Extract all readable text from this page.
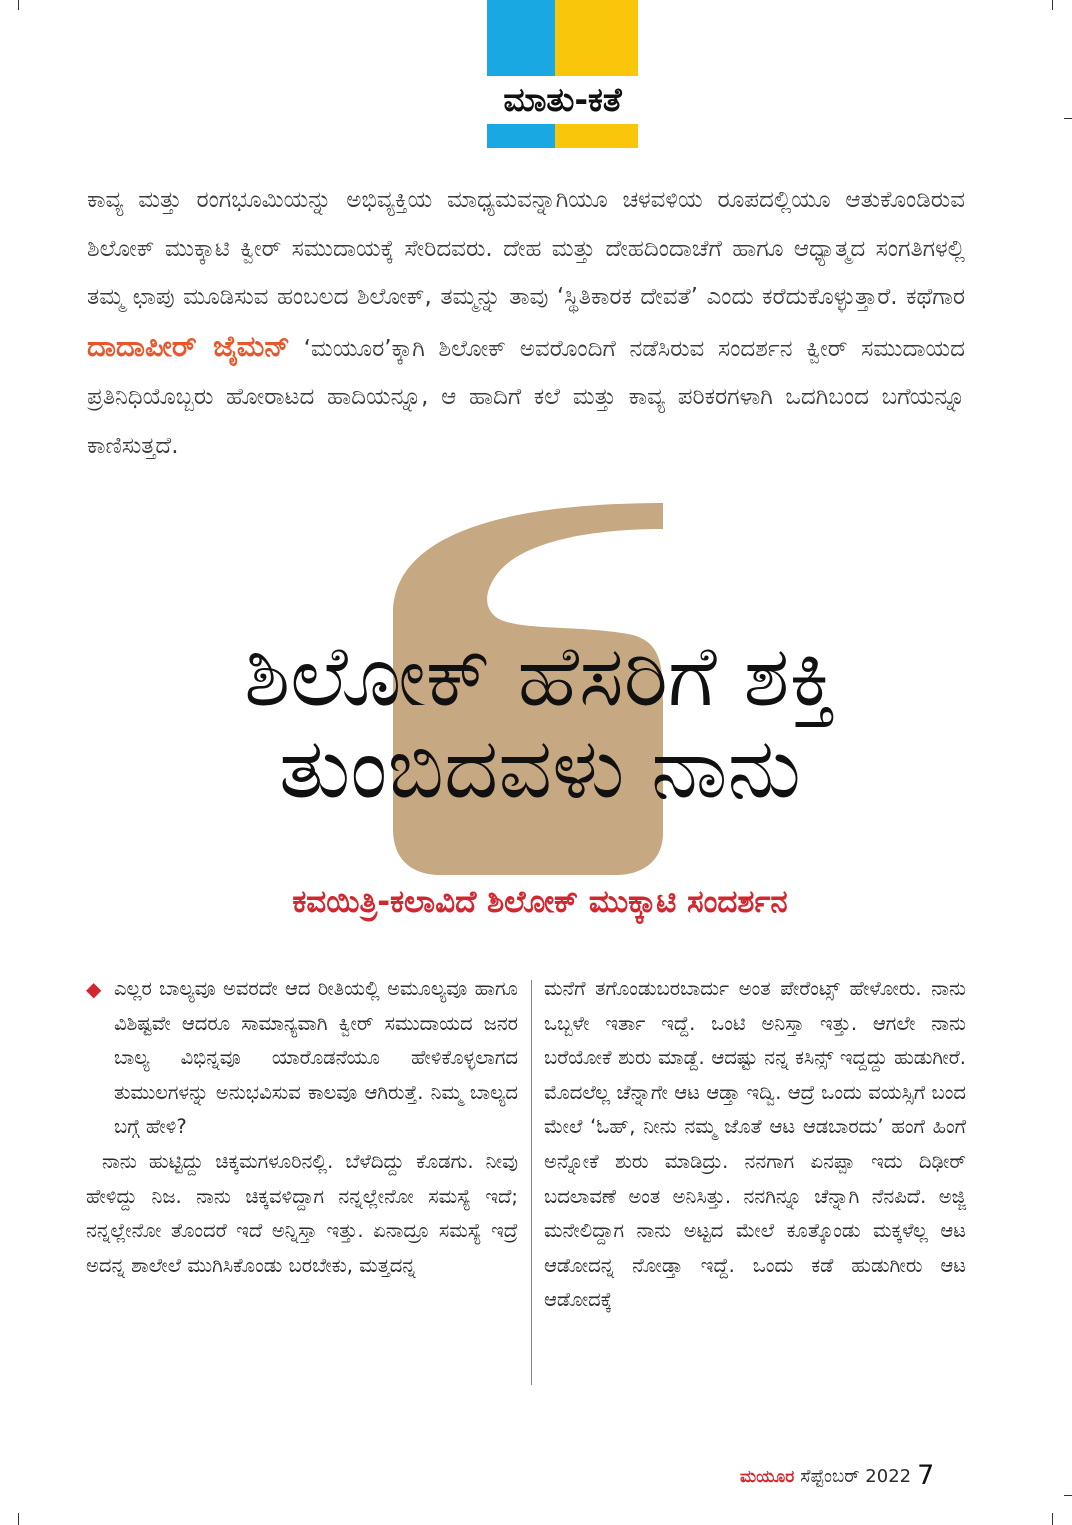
ಮಾತು-ಕತೆ

ಕಾವ್ಯ ಮತ್ತು ರಂಗಭೂಮಿಯನ್ನು ಅಭಿವ್ಯಕ್ತಿಯ ಮಾಧ್ಯಮವನ್ನಾಗಿಯೂ ಚಳವಳಿಯ ರೂಪದಲ್ಲಿಯೂ ಆತುಕೊಂಡಿರುವ ಶಿಲೋಕ್ ಮುಕ್ಕಾಟಿ ಕ್ವೀರ್ ಸಮುದಾಯಕ್ಕೆ ಸೇರಿದವರು. ದೇಹ ಮತ್ತು ದೇಹದಿಂದಾಚೆಗೆ ಹಾಗೂ ಆಧ್ಯಾತ್ಮದ ಸಂಗತಿಗಳಲ್ಲಿ ತಮ್ಮ ಛಾಪು ಮೂಡಿಸುವ ಹಂಬಲದ ಶಿಲೋಕ್, ತಮ್ಮನ್ನು ತಾವು ‘ಸ್ಥಿತಿಕಾರಕ ದೇವತೆ’ ಎಂದು ಕರೆದುಕೊಳ್ಳುತ್ತಾರೆ. ಕಥೆಗಾರ ದಾದಾಪೀರ್ ಜೈಮನ್ ‘ಮಯೂರ’ಕ್ಕಾಗಿ ಶಿಲೋಕ್ ಅವರೊಂದಿಗೆ ನಡೆಸಿರುವ ಸಂದರ್ಶನ ಕ್ವೀರ್ ಸಮುದಾಯದ ಪ್ರತಿನಿಧಿಯೊಬ್ಬರು ಹೋರಾಟದ ಹಾದಿಯನ್ನೂ, ಆ ಹಾದಿಗೆ ಕಲೆ ಮತ್ತು ಕಾವ್ಯ ಪರಿಕರಗಳಾಗಿ ಒದಗಿಬಂದ ಬಗೆಯನ್ನೂ ಕಾಣಿಸುತ್ತದೆ.

ಶಿಲೋಕ್ ಹೆಸರಿಗೆ ಶಕ್ತಿ
ತುಂಬಿದವಳು ನಾನು
ಕವಯಿತ್ರಿ-ಕಲಾವಿದೆ ಶಿಲೋಕ್ ಮುಕ್ಕಾಟಿ ಸಂದರ್ಶನ

◆ ಎಲ್ಲರ ಬಾಲ್ಯವೂ ಅವರದೇ ಆದ ರೀತಿಯಲ್ಲಿ ಅಮೂಲ್ಯವೂ ಹಾಗೂ ವಿಶಿಷ್ಟವೇ ಆದರೂ ಸಾಮಾನ್ಯವಾಗಿ ಕ್ವೀರ್ ಸಮುದಾಯದ ಜನರ ಬಾಲ್ಯ ವಿಭಿನ್ನವೂ ಯಾರೊಡನೆಯೂ ಹೇಳಿಕೊಳ್ಳಲಾಗದ ತುಮುಲಗಳನ್ನು ಅನುಭವಿಸುವ ಕಾಲವೂ ಆಗಿರುತ್ತೆ. ನಿಮ್ಮ ಬಾಲ್ಯದ ಬಗ್ಗೆ ಹೇಳಿ?

ನಾನು ಹುಟ್ಟಿದ್ದು ಚಿಕ್ಕಮಗಳೂರಿನಲ್ಲಿ. ಬೆಳೆದಿದ್ದು ಕೊಡಗು. ನೀವು ಹೇಳಿದ್ದು ನಿಜ. ನಾನು ಚಿಕ್ಕವಳಿದ್ದಾಗ ನನ್ನಲ್ಲೇನೋ ಸಮಸ್ಯೆ ಇದೆ; ನನ್ನಲ್ಲೇನೋ ತೊಂದರೆ ಇದೆ ಅನ್ನಿಸ್ತಾ ಇತ್ತು. ಏನಾದ್ರೂ ಸಮಸ್ಯೆ ಇದ್ರೆ ಅದನ್ನ ಶಾಲೇಲೆ ಮುಗಿಸಿಕೊಂಡು ಬರಬೇಕು, ಮತ್ತದನ್ನ

ಮನೆಗೆ ತಗೊಂಡುಬರಬಾರ್ದು ಅಂತ ಪೇರೆಂಟ್ಸ್ ಹೇಳೋರು. ನಾನು ಒಬ್ಬಳೇ ಇರ್ತಾ ಇದ್ದೆ. ಒಂಟಿ ಅನಿಸ್ತಾ ಇತ್ತು. ಆಗಲೇ ನಾನು ಬರೆಯೋಕೆ ಶುರು ಮಾಡ್ದೆ. ಆದಷ್ಟು ನನ್ನ ಕಸಿನ್ಸ್ ಇದ್ದದ್ದು ಹುಡುಗೀರೆ. ಮೊದಲೆಲ್ಲ ಚೆನ್ನಾಗೇ ಆಟ ಆಡ್ತಾ ಇದ್ವಿ. ಆದ್ರೆ ಒಂದು ವಯಸ್ಸಿಗೆ ಬಂದ ಮೇಲೆ ‘ಓಹ್, ನೀನು ನಮ್ಮ ಜೊತೆ ಆಟ ಆಡಬಾರದು’ ಹಂಗೆ ಹಿಂಗೆ ಅನ್ನೋಕೆ ಶುರು ಮಾಡಿದ್ರು. ನನಗಾಗ ಏನಪ್ಪಾ ಇದು ದಿಢೀರ್ ಬದಲಾವಣೆ ಅಂತ ಅನಿಸಿತ್ತು. ನನಗಿನ್ನೂ ಚೆನ್ನಾಗಿ ನೆನಪಿದೆ. ಅಜ್ಜಿ ಮನೇಲಿದ್ದಾಗ ನಾನು ಅಟ್ಟದ ಮೇಲೆ ಕೂತ್ಕೊಂಡು ಮಕ್ಕಳೆಲ್ಲ ಆಟ ಆಡೋದನ್ನ ನೋಡ್ತಾ ಇದ್ದೆ. ಒಂದು ಕಡೆ ಹುಡುಗೀರು ಆಟ ಆಡೋದಕ್ಕೆ

ಮಯೂರ ಸೆಪ್ಟೆಂಬರ್ 2022 7
